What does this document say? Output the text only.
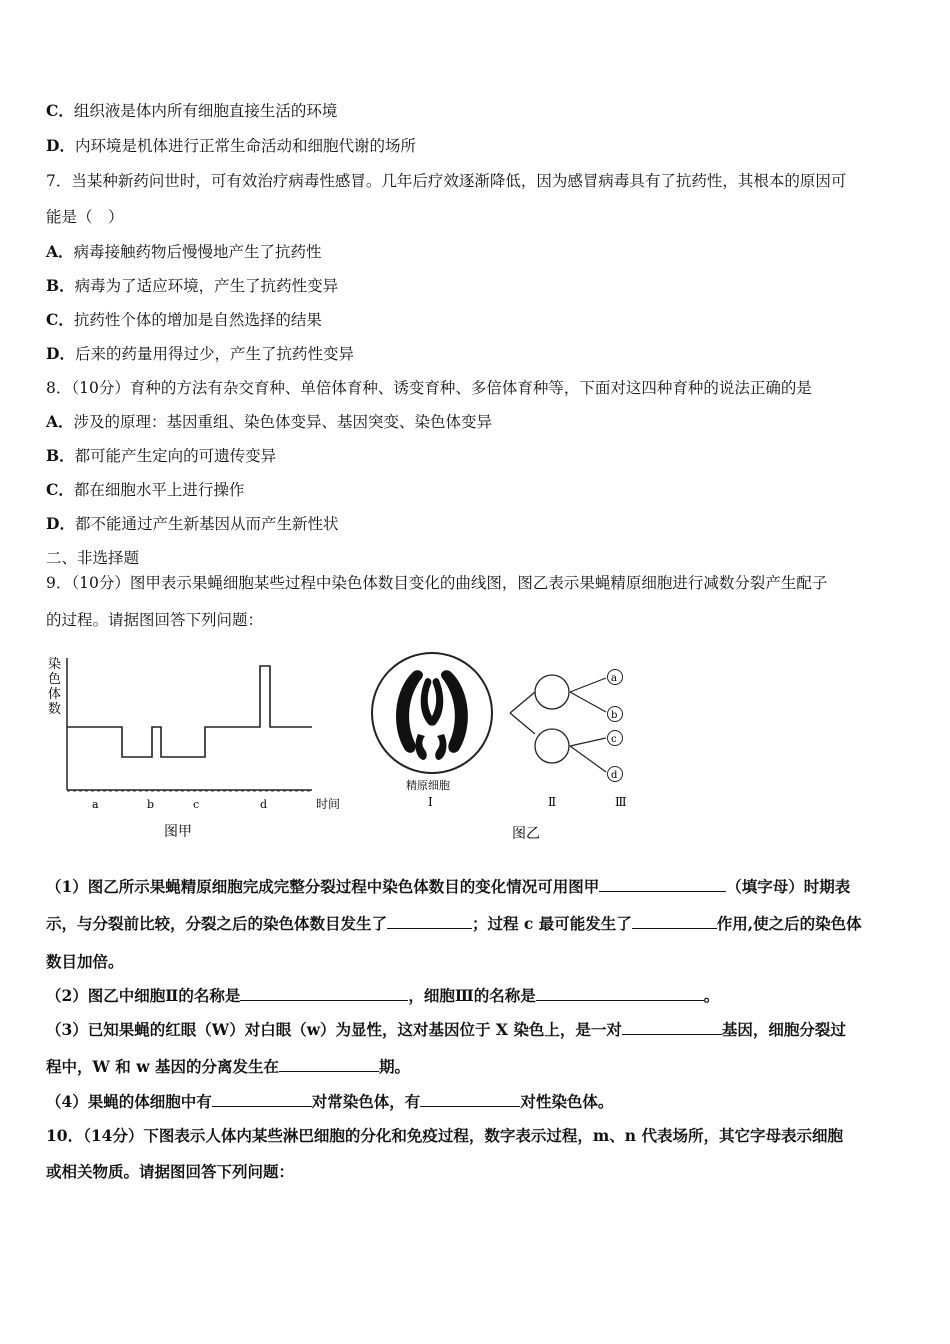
C．组织液是体内所有细胞直接生活的环境
D．内环境是机体进行正常生命活动和细胞代谢的场所
7．当某种新药问世时，可有效治疗病毒性感冒。几年后疗效逐渐降低，因为感冒病毒具有了抗药性，其根本的原因可
能是（　）
A．病毒接触药物后慢慢地产生了抗药性
B．病毒为了适应环境，产生了抗药性变异
C．抗药性个体的增加是自然选择的结果
D．后来的药量用得过少，产生了抗药性变异
8．（10分）育种的方法有杂交育种、单倍体育种、诱变育种、多倍体育种等，下面对这四种育种的说法正确的是
A．涉及的原理：基因重组、染色体变异、基因突变、染色体变异
B．都可能产生定向的可遗传变异
C．都在细胞水平上进行操作
D．都不能通过产生新基因从而产生新性状
二、非选择题
9．（10分）图甲表示果蝇细胞某些过程中染色体数目变化的曲线图，图乙表示果蝇精原细胞进行减数分裂产生配子
的过程。请据图回答下列问题：
染
色
体
数
a	b	c	d	时间
图甲
ᵛ
a
b
c
d
精原细胞
Ⅰ	Ⅱ	Ⅲ
图乙
（1）图乙所示果蝇精原细胞完成完整分裂过程中染色体数目的变化情况可用图甲	（填字母）时期表
示，与分裂前比较，分裂之后的染色体数目发生了	；过程 c 最可能发生了	作用,使之后的染色体
数目加倍。
（2）图乙中细胞Ⅱ的名称是	，细胞Ⅲ的名称是	。
（3）已知果蝇的红眼（W）对白眼（w）为显性，这对基因位于 X 染色上，是一对	基因，细胞分裂过
程中，W 和 w 基因的分离发生在	期。
（4）果蝇的体细胞中有	对常染色体，有	对性染色体。
10．（14分）下图表示人体内某些淋巴细胞的分化和免疫过程，数字表示过程，m、n 代表场所，其它字母表示细胞
或相关物质。请据图回答下列问题：
